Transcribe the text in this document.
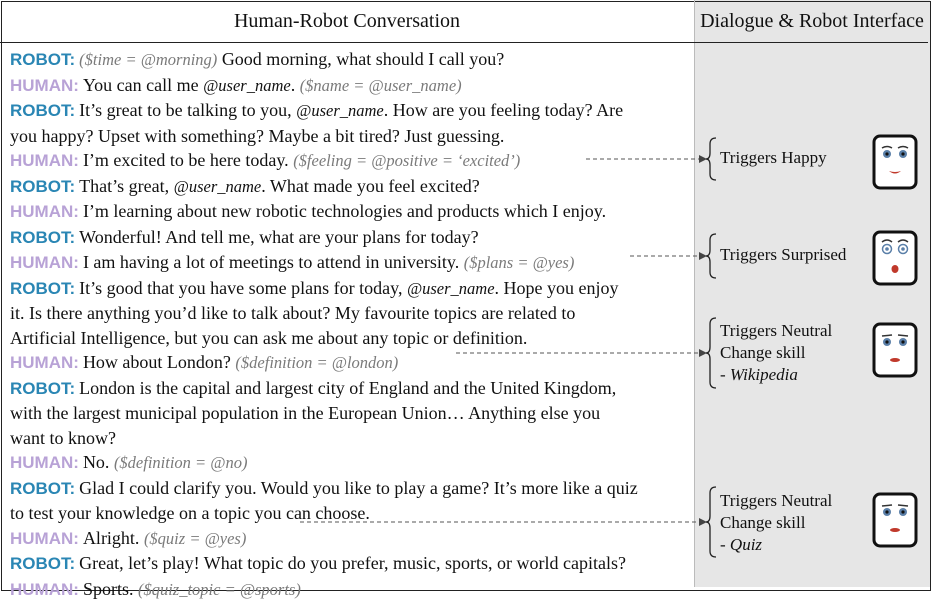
Human-Robot Conversation	Dialogue & Robot Interface
ROBOT: ($time = @morning) Good morning, what should I call you?
HUMAN: You can call me @user_name. ($name = @user_name)
ROBOT: It’s great to be talking to you, @user_name. How are you feeling today? Are
you happy? Upset with something? Maybe a bit tired? Just guessing.
HUMAN: I’m excited to be here today. ($feeling = @positive = ‘excited’)
ROBOT: That’s great, @user_name. What made you feel excited?
HUMAN: I’m learning about new robotic technologies and products which I enjoy.
ROBOT: Wonderful! And tell me, what are your plans for today?
HUMAN: I am having a lot of meetings to attend in university. ($plans = @yes)
ROBOT: It’s good that you have some plans for today, @user_name. Hope you enjoy
it. Is there anything you’d like to talk about? My favourite topics are related to
Artificial Intelligence, but you can ask me about any topic or definition.
HUMAN: How about London? ($definition = @london)
ROBOT: London is the capital and largest city of England and the United Kingdom,
with the largest municipal population in the European Union… Anything else you
want to know?
HUMAN: No. ($definition = @no)
ROBOT: Glad I could clarify you. Would you like to play a game? It’s more like a quiz
to test your knowledge on a topic you can choose.
HUMAN: Alright. ($quiz = @yes)
ROBOT: Great, let’s play! What topic do you prefer, music, sports, or world capitals?
HUMAN: Sports. ($quiz_topic = @sports)
Triggers Happy
Triggers Surprised
Triggers Neutral
Change skill
- Wikipedia
Triggers Neutral
Change skill
- Quiz
